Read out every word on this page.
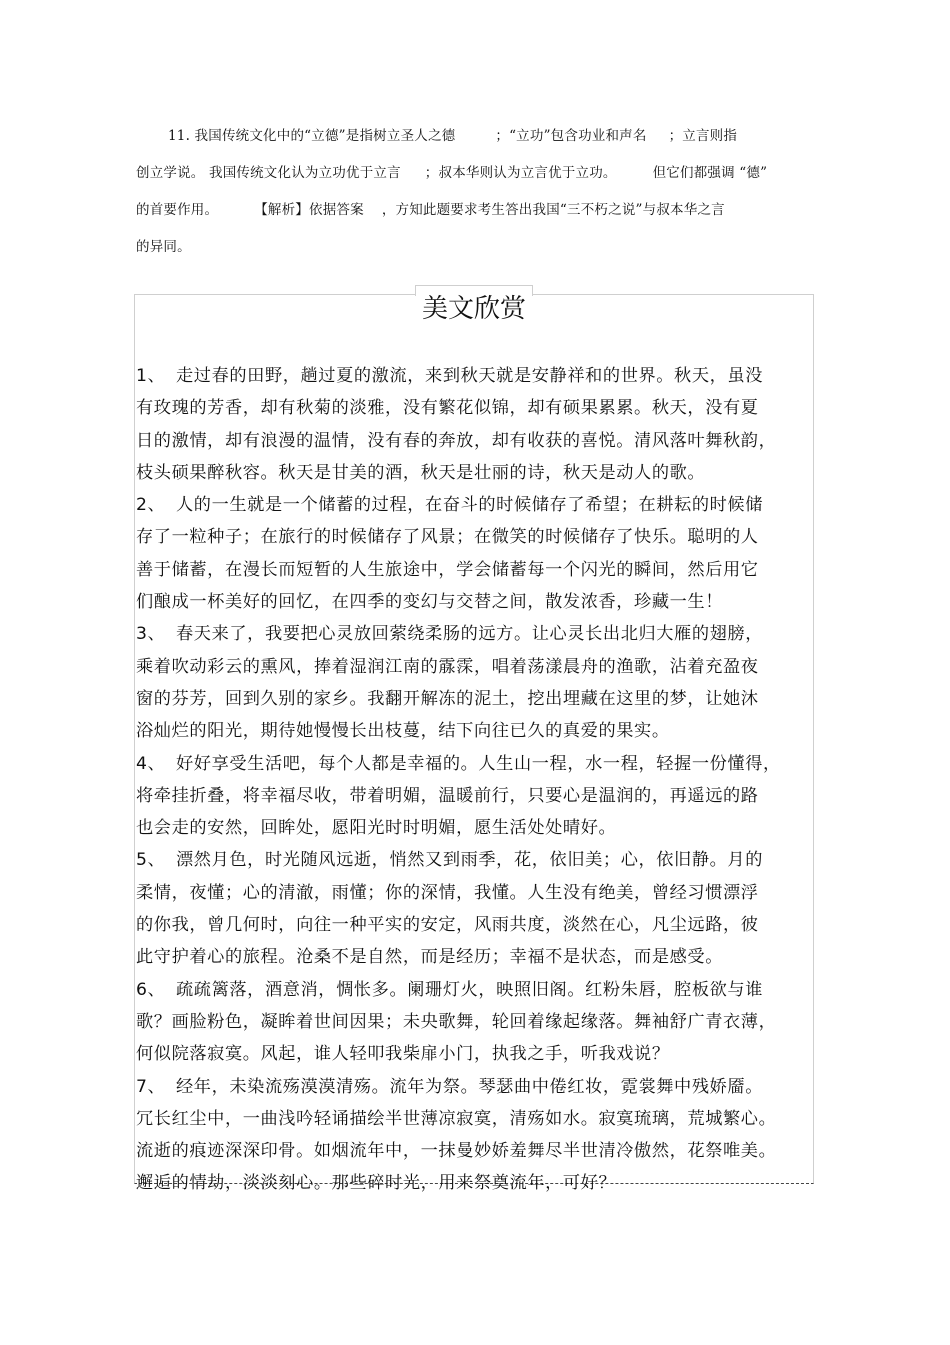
11. 我国传统文化中的“立德”是指树立圣人之德	；“立功”包含功业和声名 ；立言则指

创立学说。 我国传统文化认为立功优于立言 ；叔本华则认为立言优于立功。	但它们都强调 “德”

的首要作用。	【解析】依据答案 ，方知此题要求考生答出我国“三不朽之说”与叔本华之言

的异同。

美文欣赏
1、 走过春的田野，趟过夏的激流，来到秋天就是安静祥和的世界。秋天，虽没
有玫瑰的芳香，却有秋菊的淡雅，没有繁花似锦，却有硕果累累。秋天，没有夏
日的激情，却有浪漫的温情，没有春的奔放，却有收获的喜悦。清风落叶舞秋韵，
枝头硕果醉秋容。秋天是甘美的酒，秋天是壮丽的诗，秋天是动人的歌。
2、 人的一生就是一个储蓄的过程，在奋斗的时候储存了希望；在耕耘的时候储
存了一粒种子；在旅行的时候储存了风景；在微笑的时候储存了快乐。聪明的人
善于储蓄，在漫长而短暂的人生旅途中，学会储蓄每一个闪光的瞬间，然后用它
们酿成一杯美好的回忆，在四季的变幻与交替之间，散发浓香，珍藏一生！
3、 春天来了，我要把心灵放回萦绕柔肠的远方。让心灵长出北归大雁的翅膀，
乘着吹动彩云的熏风，捧着湿润江南的霡霂，唱着荡漾晨舟的渔歌，沾着充盈夜
窗的芬芳，回到久别的家乡。我翻开解冻的泥土，挖出埋藏在这里的梦，让她沐
浴灿烂的阳光，期待她慢慢长出枝蔓，结下向往已久的真爱的果实。
4、 好好享受生活吧，每个人都是幸福的。人生山一程，水一程，轻握一份懂得，
将牵挂折叠，将幸福尽收，带着明媚，温暖前行，只要心是温润的，再遥远的路
也会走的安然，回眸处，愿阳光时时明媚，愿生活处处晴好。
5、 漂然月色，时光随风远逝，悄然又到雨季，花，依旧美；心，依旧静。月的
柔情，夜懂；心的清澈，雨懂；你的深情，我懂。人生没有绝美，曾经习惯漂浮
的你我，曾几何时，向往一种平实的安定，风雨共度，淡然在心，凡尘远路，彼
此守护着心的旅程。沧桑不是自然，而是经历；幸福不是状态，而是感受。
6、 疏疏篱落，酒意消，惆怅多。阑珊灯火，映照旧阁。红粉朱唇，腔板欲与谁
歌？画脸粉色，凝眸着世间因果；未央歌舞，轮回着缘起缘落。舞袖舒广青衣薄，
何似院落寂寞。风起，谁人轻叩我柴扉小门，执我之手，听我戏说？
7、 经年，未染流殇漠漠清殇。流年为祭。琴瑟曲中倦红妆，霓裳舞中残娇靥。
冗长红尘中，一曲浅吟轻诵描绘半世薄凉寂寞，清殇如水。寂寞琉璃，荒城繁心。
流逝的痕迹深深印骨。如烟流年中，一抹曼妙娇羞舞尽半世清冷傲然，花祭唯美。
邂逅的情劫，淡淡刻心。那些碎时光，用来祭奠流年，可好？
